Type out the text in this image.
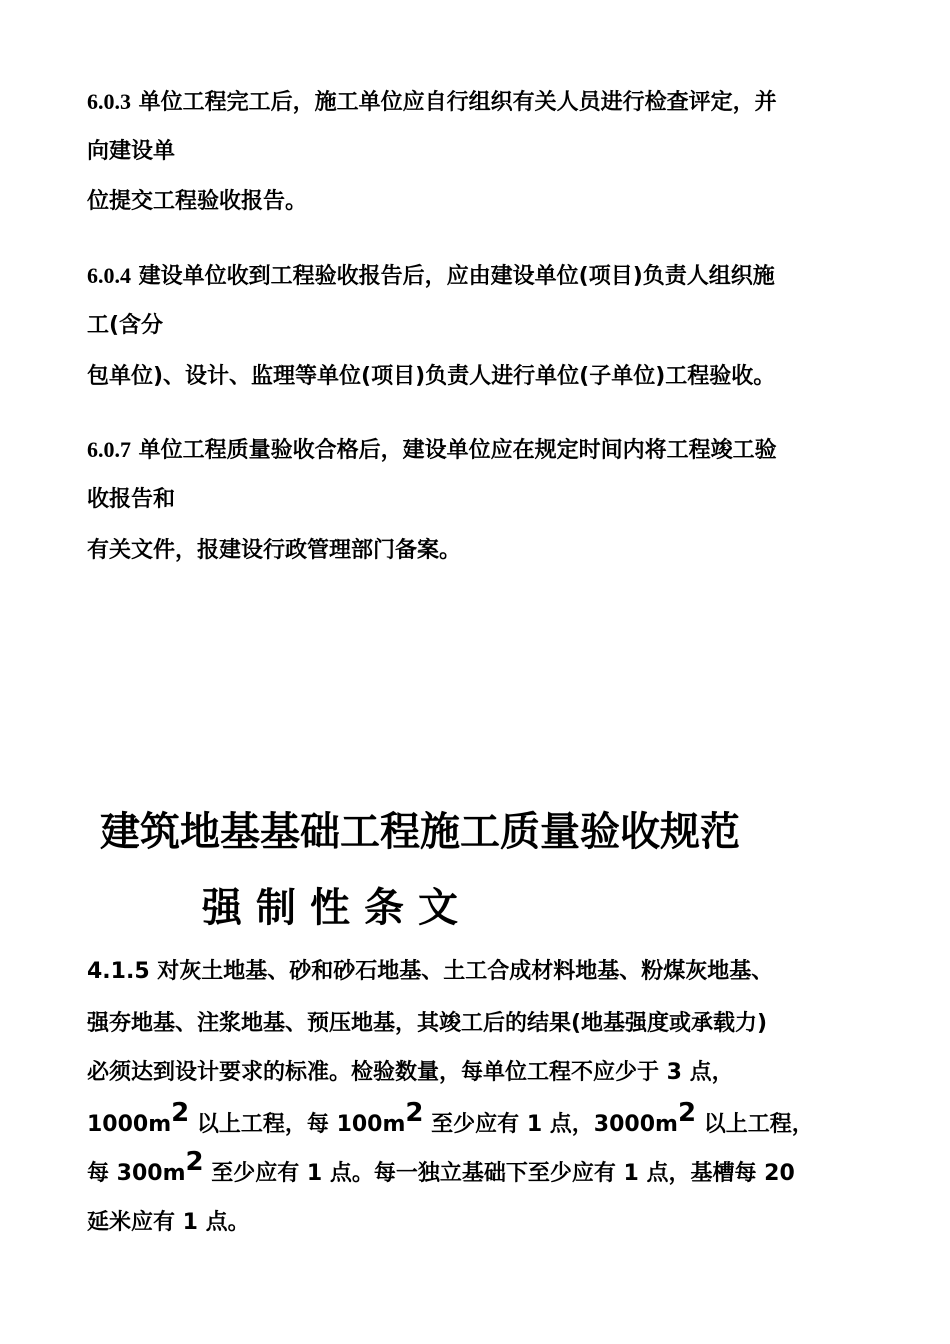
6.0.3 单位工程完工后，施工单位应自行组织有关人员进行检查评定，并
向建设单
位提交工程验收报告。
6.0.4 建设单位收到工程验收报告后，应由建设单位(项目)负责人组织施
工(含分
包单位)、设计、监理等单位(项目)负责人进行单位(子单位)工程验收。
6.0.7 单位工程质量验收合格后，建设单位应在规定时间内将工程竣工验
收报告和
有关文件，报建设行政管理部门备案。
建筑地基基础工程施工质量验收规范
强制性条文
4.1.5 对灰土地基、砂和砂石地基、土工合成材料地基、粉煤灰地基、
强夯地基、注浆地基、预压地基，其竣工后的结果(地基强度或承载力)
必须达到设计要求的标准。检验数量，每单位工程不应少于 3 点，
$1000m^2$ 以上工程，每 $100m^2$ 至少应有 1 点，$3000m^2$ 以上工程，
每 $300m^2$ 至少应有 1 点。每一独立基础下至少应有 1 点，基槽每 20
延米应有 1 点。
